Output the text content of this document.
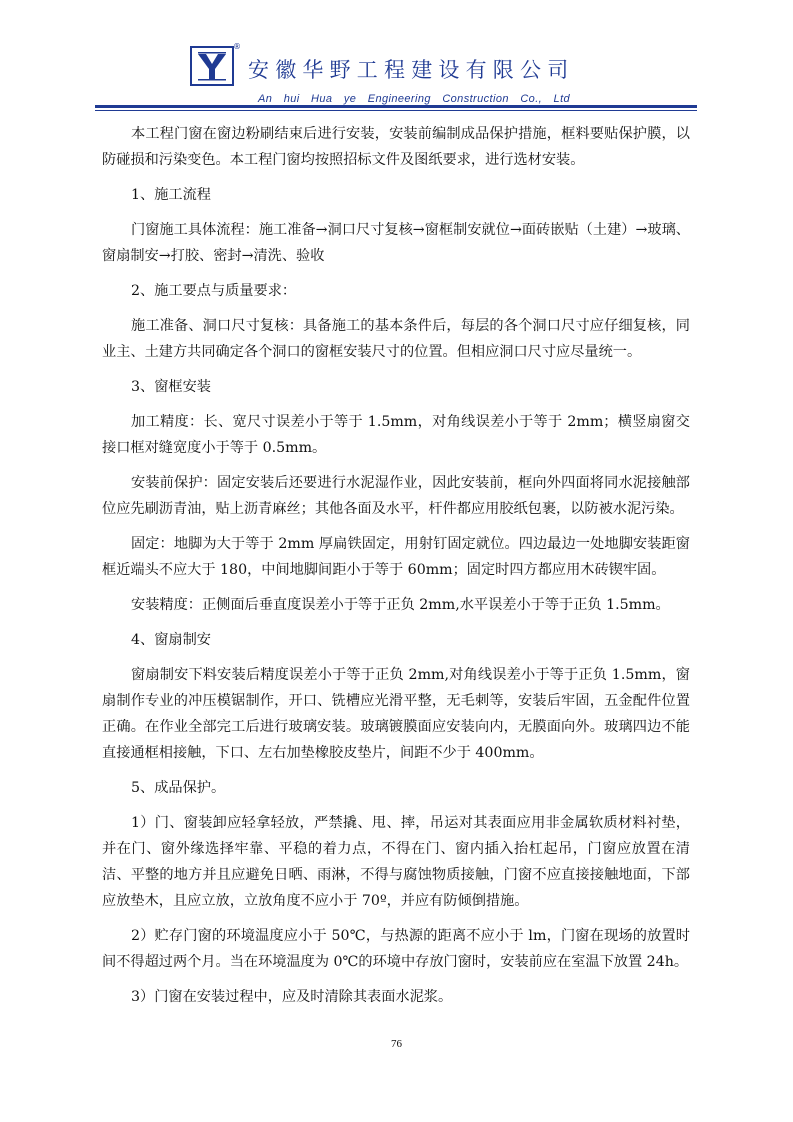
®
安徽华野工程建设有限公司
An hui Hua ye Engineering Construction Co., Ltd

本工程门窗在窗边粉刷结束后进行安装，安装前编制成品保护措施，框料要贴保护膜，以防碰损和污染变色。本工程门窗均按照招标文件及图纸要求，进行选材安装。

1、施工流程

门窗施工具体流程：施工准备→洞口尺寸复核→窗框制安就位→面砖嵌贴（土建）→玻璃、窗扇制安→打胶、密封→清洗、验收

2、施工要点与质量要求：

施工准备、洞口尺寸复核：具备施工的基本条件后，每层的各个洞口尺寸应仔细复核，同业主、土建方共同确定各个洞口的窗框安装尺寸的位置。但相应洞口尺寸应尽量统一。

3、窗框安装

加工精度：长、宽尺寸误差小于等于 1.5mm，对角线误差小于等于 2mm；横竖扇窗交接口框对缝宽度小于等于 0.5mm。

安装前保护：固定安装后还要进行水泥湿作业，因此安装前，框向外四面将同水泥接触部位应先刷沥青油，贴上沥青麻丝；其他各面及水平，杆件都应用胶纸包裹，以防被水泥污染。

固定：地脚为大于等于 2mm 厚扁铁固定，用射钉固定就位。四边最边一处地脚安装距窗框近端头不应大于 180，中间地脚间距小于等于 60mm；固定时四方都应用木砖锲牢固。

安装精度：正侧面后垂直度误差小于等于正负 2mm,水平误差小于等于正负 1.5mm。

4、窗扇制安

窗扇制安下料安装后精度误差小于等于正负 2mm,对角线误差小于等于正负 1.5mm，窗扇制作专业的冲压模锯制作，开口、铣槽应光滑平整，无毛刺等，安装后牢固，五金配件位置正确。在作业全部完工后进行玻璃安装。玻璃镀膜面应安装向内，无膜面向外。玻璃四边不能直接通框相接触，下口、左右加垫橡胶皮垫片，间距不少于 400mm。

5、成品保护。

1）门、窗装卸应轻拿轻放，严禁撬、甩、摔，吊运对其表面应用非金属软质材料衬垫，并在门、窗外缘选择牢靠、平稳的着力点，不得在门、窗内插入抬杠起吊，门窗应放置在清洁、平整的地方并且应避免日晒、雨淋，不得与腐蚀物质接触，门窗不应直接接触地面，下部应放垫木，且应立放，立放角度不应小于 70º，并应有防倾倒措施。

2）贮存门窗的环境温度应小于 50℃，与热源的距离不应小于 lm，门窗在现场的放置时间不得超过两个月。当在环境温度为 0℃的环境中存放门窗时，安装前应在室温下放置 24h。

3）门窗在安装过程中，应及时清除其表面水泥浆。

76
